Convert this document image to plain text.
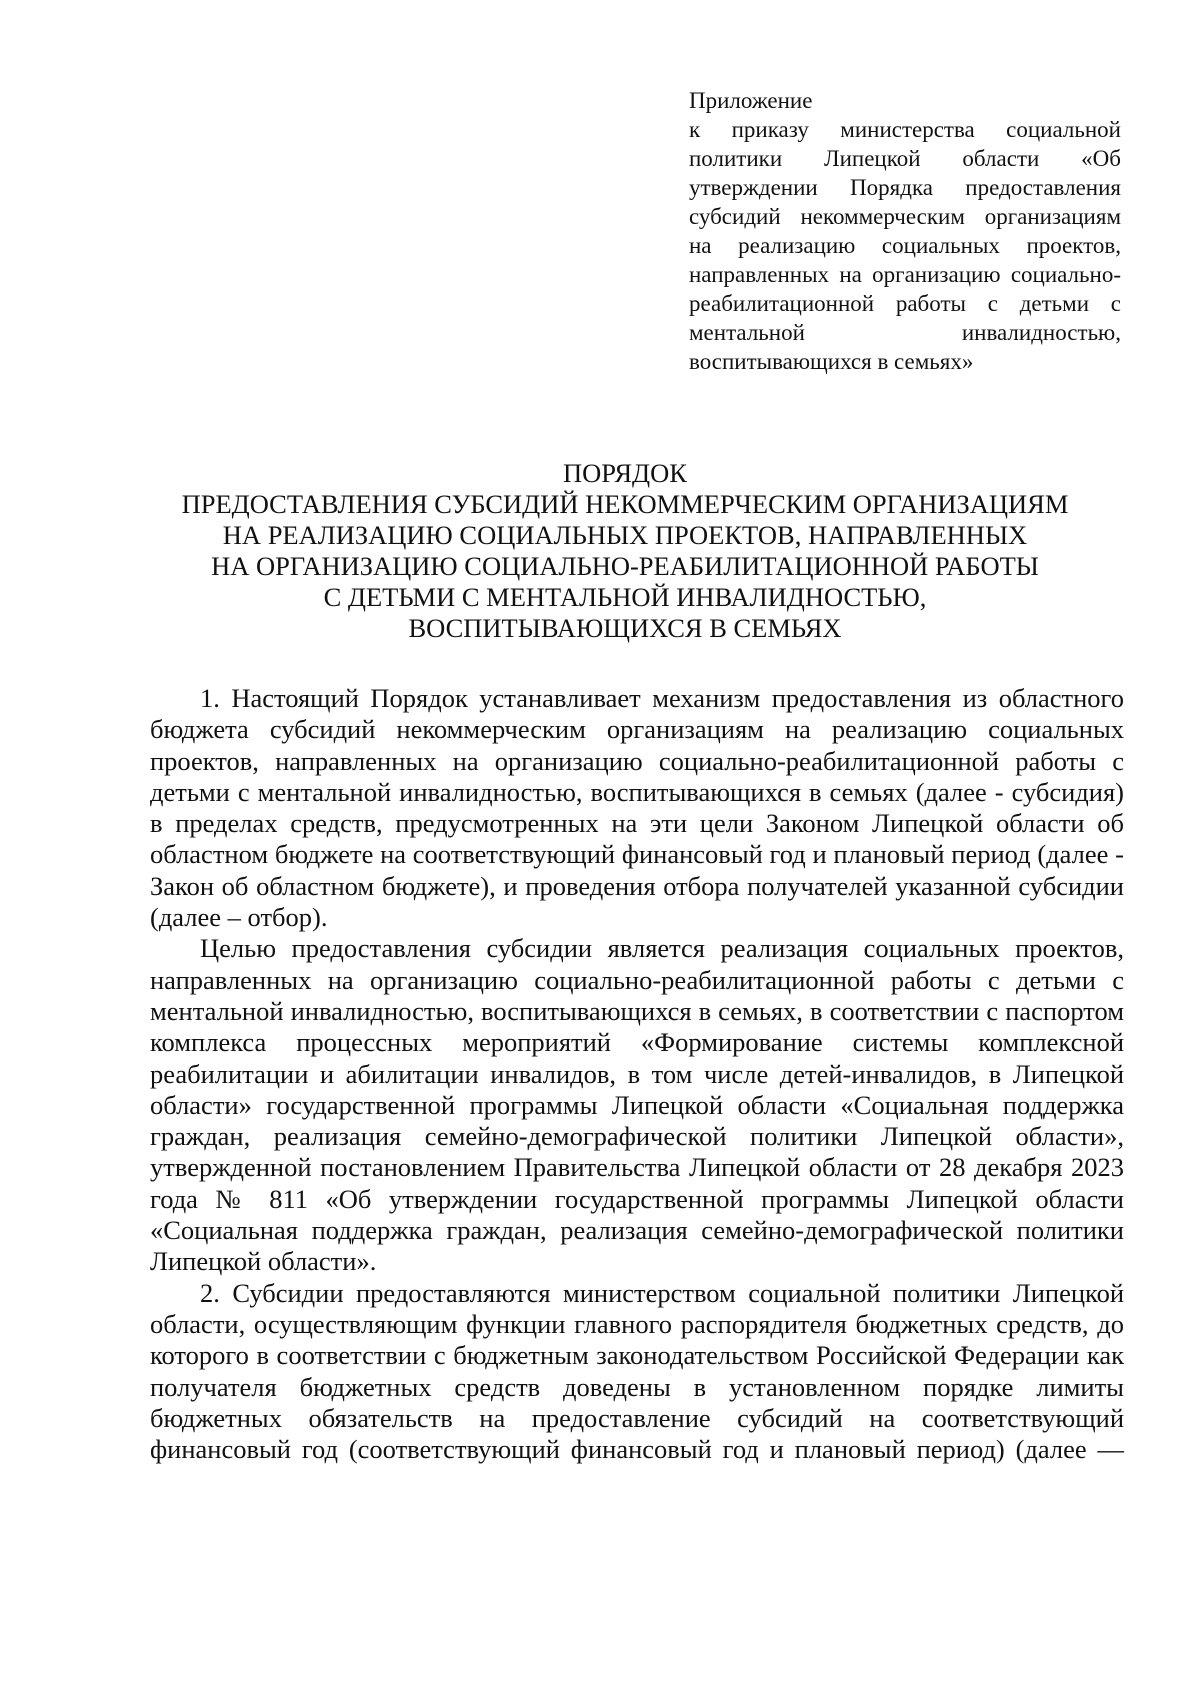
Приложение
к приказу министерства социальной политики Липецкой области «Об утверждении Порядка предоставления субсидий некоммерческим организациям на реализацию социальных проектов, направленных на организацию социально-реабилитационной работы с детьми с ментальной инвалидностью, воспитывающихся в семьях»
ПОРЯДОК
ПРЕДОСТАВЛЕНИЯ СУБСИДИЙ НЕКОММЕРЧЕСКИМ ОРГАНИЗАЦИЯМ
НА РЕАЛИЗАЦИЮ СОЦИАЛЬНЫХ ПРОЕКТОВ, НАПРАВЛЕННЫХ
НА ОРГАНИЗАЦИЮ СОЦИАЛЬНО-РЕАБИЛИТАЦИОННОЙ РАБОТЫ
С ДЕТЬМИ С МЕНТАЛЬНОЙ ИНВАЛИДНОСТЬЮ,
ВОСПИТЫВАЮЩИХСЯ В СЕМЬЯХ

1. Настоящий Порядок устанавливает механизм предоставления из областного бюджета субсидий некоммерческим организациям на реализацию социальных проектов, направленных на организацию социально-реабилитационной работы с детьми с ментальной инвалидностью, воспитывающихся в семьях (далее - субсидия) в пределах средств, предусмотренных на эти цели Законом Липецкой области об областном бюджете на соответствующий финансовый год и плановый период (далее - Закон об областном бюджете), и проведения отбора получателей указанной субсидии (далее – отбор).

Целью предоставления субсидии является реализация социальных проектов, направленных на организацию социально-реабилитационной работы с детьми с ментальной инвалидностью, воспитывающихся в семьях, в соответствии с паспортом комплекса процессных мероприятий «Формирование системы комплексной реабилитации и абилитации инвалидов, в том числе детей-инвалидов, в Липецкой области» государственной программы Липецкой области «Социальная поддержка граждан, реализация семейно-демографической политики Липецкой области», утвержденной постановлением Правительства Липецкой области от 28 декабря 2023 года № 811 «Об утверждении государственной программы Липецкой области «Социальная поддержка граждан, реализация семейно-демографической политики Липецкой области».

2. Субсидии предоставляются министерством социальной политики Липецкой области, осуществляющим функции главного распорядителя бюджетных средств, до которого в соответствии с бюджетным законодательством Российской Федерации как получателя бюджетных средств доведены в установленном порядке лимиты бюджетных обязательств на предоставление субсидий на соответствующий финансовый год (соответствующий финансовый год и плановый период) (далее —
